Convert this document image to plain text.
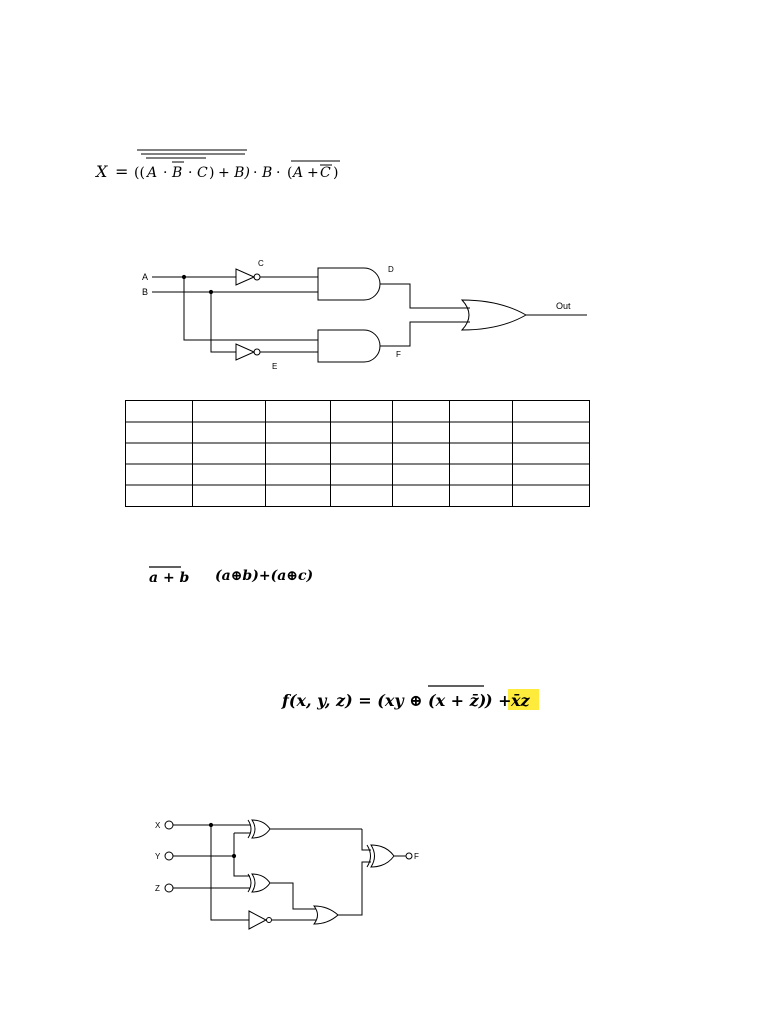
X = (( A · B · C ) + B) · B · ( A + C )
A
B
C
D
E
F
Out
a + b (a⊕b)+(a⊕c)
f(x, y, z) = (xy ⊕ (x + z̄)
) + x̄z
X
Y
Z
F
